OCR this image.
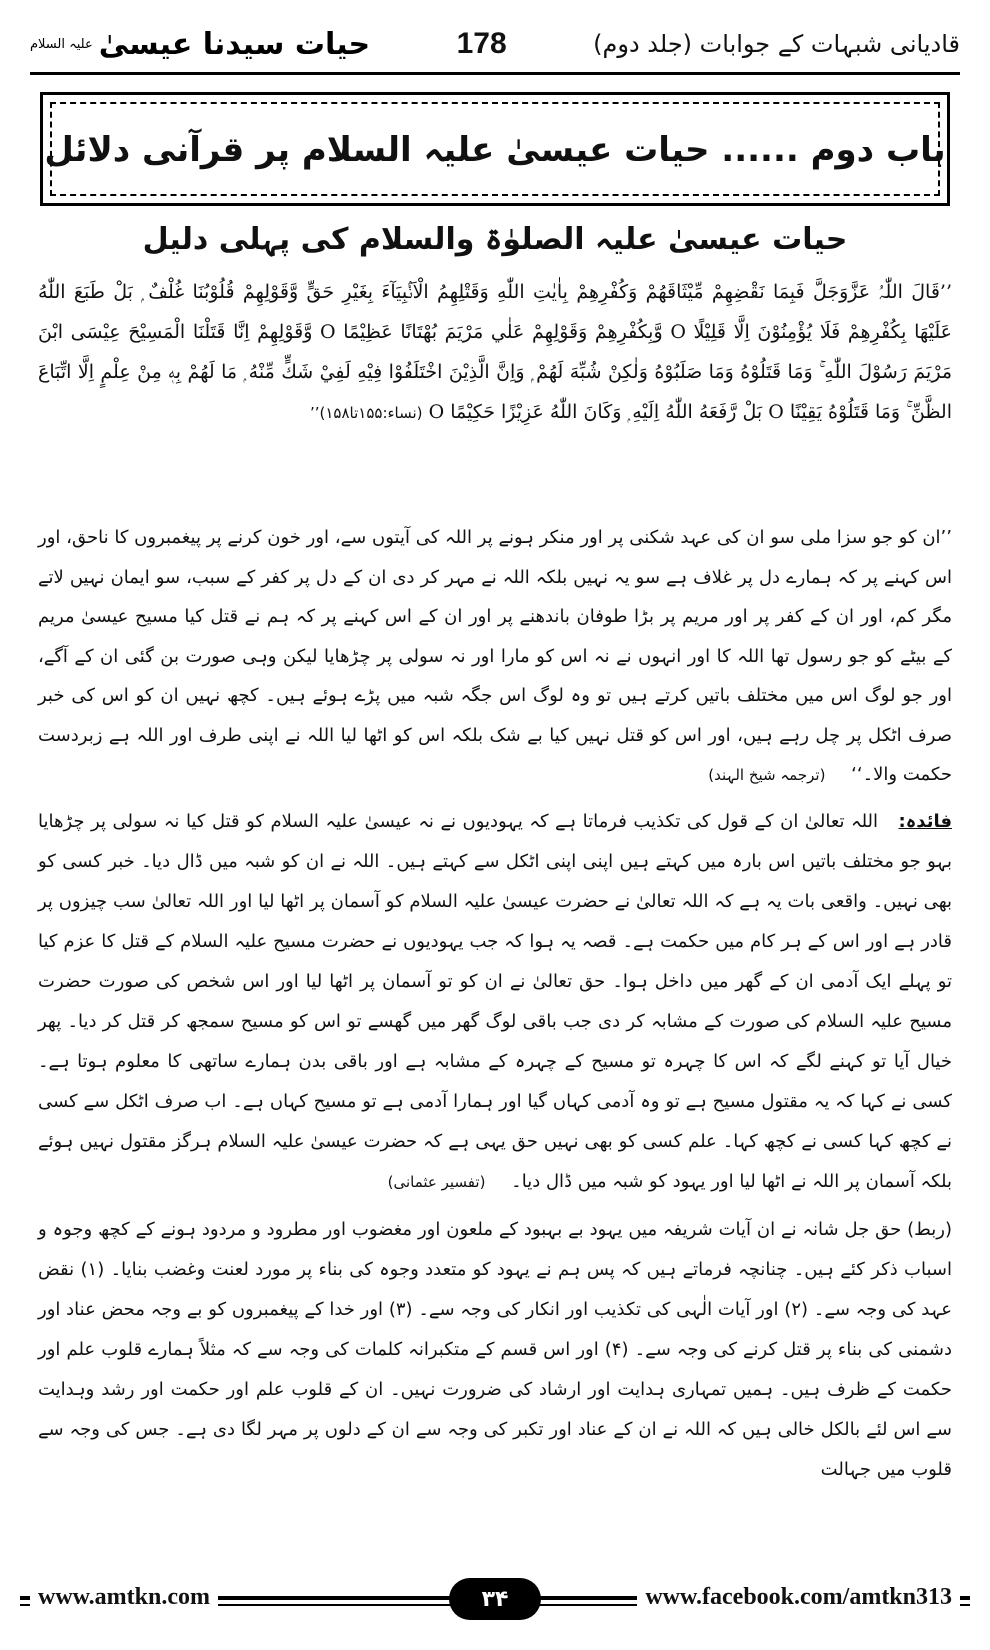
علیہ السلام حیات سیدنا عیسیٰ	178	قادیانی شبہات کے جوابات (جلد دوم)
باب دوم ...... حیات عیسیٰ علیہ السلام پر قرآنی دلائل
حیات عیسیٰ علیہ الصلوٰۃ والسلام کی پہلی دلیل
’’قَالَ اللّٰہُ عَزَّوَجَلَّ فَبِمَا نَقْضِهِمْ مِّيْثَاقَهُمْ وَكُفْرِهِمْ بِاٰيٰتِ اللّٰهِ وَقَتْلِهِمُ الْاَنْۢبِيَآءَ بِغَيْرِ حَقٍّ وَّقَوْلِهِمْ قُلُوْبُنَا غُلْفٌ ۭ بَلْ طَبَعَ اللّٰهُ عَلَيْهَا بِكُفْرِهِمْ فَلَا يُؤْمِنُوْنَ اِلَّا قَلِيْلًا O وَّبِكُفْرِهِمْ وَقَوْلِهِمْ عَلٰي مَرْيَمَ بُهْتَانًا عَظِيْمًا O وَّقَوْلِهِمْ اِنَّا قَتَلْنَا الْمَسِيْحَ عِيْسَى ابْنَ مَرْيَمَ رَسُوْلَ اللّٰهِ ۚ وَمَا قَتَلُوْهُ وَمَا صَلَبُوْهُ وَلٰكِنْ شُبِّهَ لَهُمْ ۭ وَاِنَّ الَّذِيْنَ اخْتَلَفُوْا فِيْهِ لَفِيْ شَكٍّ مِّنْهُ ۭ مَا لَهُمْ بِهٖ مِنْ عِلْمٍ اِلَّا اتِّبَاعَ الظَّنِّ ۚ وَمَا قَتَلُوْهُ يَقِيْنًا O بَلْ رَّفَعَهُ اللّٰهُ اِلَيْهِ ۭ وَكَانَ اللّٰهُ عَزِيْزًا حَكِيْمًا O (نساء:۱۵۵تا۱۵۸)’’
’’ان کو جو سزا ملی سو ان کی عہد شکنی پر اور منکر ہونے پر اللہ کی آیتوں سے، اور خون کرنے پر پیغمبروں کا ناحق، اور اس کہنے پر کہ ہمارے دل پر غلاف ہے سو یہ نہیں بلکہ اللہ نے مہر کر دی ان کے دل پر کفر کے سبب، سو ایمان نہیں لاتے مگر کم، اور ان کے کفر پر اور مریم پر بڑا طوفان باندھنے پر اور ان کے اس کہنے پر کہ ہم نے قتل کیا مسیح عیسیٰ مریم کے بیٹے کو جو رسول تھا اللہ کا اور انہوں نے نہ اس کو مارا اور نہ سولی پر چڑھایا لیکن وہی صورت بن گئی ان کے آگے، اور جو لوگ اس میں مختلف باتیں کرتے ہیں تو وہ لوگ اس جگہ شبہ میں پڑے ہوئے ہیں۔ کچھ نہیں ان کو اس کی خبر صرف اٹکل پر چل رہے ہیں، اور اس کو قتل نہیں کیا بے شک بلکہ اس کو اٹھا لیا اللہ نے اپنی طرف اور اللہ ہے زبردست حکمت والا۔‘‘ (ترجمہ شیخ الہند)
فائدہ: اللہ تعالیٰ ان کے قول کی تکذیب فرماتا ہے کہ یہودیوں نے نہ عیسیٰ علیہ السلام کو قتل کیا نہ سولی پر چڑھایا بہو جو مختلف باتیں اس بارہ میں کہتے ہیں اپنی اپنی اٹکل سے کہتے ہیں۔ اللہ نے ان کو شبہ میں ڈال دیا۔ خبر کسی کو بھی نہیں۔ واقعی بات یہ ہے کہ اللہ تعالیٰ نے حضرت عیسیٰ علیہ السلام کو آسمان پر اٹھا لیا اور اللہ تعالیٰ سب چیزوں پر قادر ہے اور اس کے ہر کام میں حکمت ہے۔ قصہ یہ ہوا کہ جب یہودیوں نے حضرت مسیح علیہ السلام کے قتل کا عزم کیا تو پہلے ایک آدمی ان کے گھر میں داخل ہوا۔ حق تعالیٰ نے ان کو تو آسمان پر اٹھا لیا اور اس شخص کی صورت حضرت مسیح علیہ السلام کی صورت کے مشابہ کر دی جب باقی لوگ گھر میں گھسے تو اس کو مسیح سمجھ کر قتل کر دیا۔ پھر خیال آیا تو کہنے لگے کہ اس کا چہرہ تو مسیح کے چہرہ کے مشابہ ہے اور باقی بدن ہمارے ساتھی کا معلوم ہوتا ہے۔ کسی نے کہا کہ یہ مقتول مسیح ہے تو وہ آدمی کہاں گیا اور ہمارا آدمی ہے تو مسیح کہاں ہے۔ اب صرف اٹکل سے کسی نے کچھ کہا کسی نے کچھ کہا۔ علم کسی کو بھی نہیں حق یہی ہے کہ حضرت عیسیٰ علیہ السلام ہرگز مقتول نہیں ہوئے بلکہ آسمان پر اللہ نے اٹھا لیا اور یہود کو شبہ میں ڈال دیا۔ (تفسیر عثمانی)
(ربط) حق جل شانہ نے ان آیات شریفہ میں یہود بے بہبود کے ملعون اور مغضوب اور مطرود و مردود ہونے کے کچھ وجوہ و اسباب ذکر کئے ہیں۔ چنانچہ فرماتے ہیں کہ پس ہم نے یہود کو متعدد وجوہ کی بناء پر مورد لعنت وغضب بنایا۔ (۱) نقض عہد کی وجہ سے۔ (۲) اور آیات الٰہی کی تکذیب اور انکار کی وجہ سے۔ (۳) اور خدا کے پیغمبروں کو بے وجہ محض عناد اور دشمنی کی بناء پر قتل کرنے کی وجہ سے۔ (۴) اور اس قسم کے متکبرانہ کلمات کی وجہ سے کہ مثلاً ہمارے قلوب علم اور حکمت کے ظرف ہیں۔ ہمیں تمہاری ہدایت اور ارشاد کی ضرورت نہیں۔ ان کے قلوب علم اور حکمت اور رشد وہدایت سے اس لئے بالکل خالی ہیں کہ اللہ نے ان کے عناد اور تکبر کی وجہ سے ان کے دلوں پر مہر لگا دی ہے۔ جس کی وجہ سے قلوب میں جہالت
www.amtkn.com	۳۴	www.facebook.com/amtkn313
